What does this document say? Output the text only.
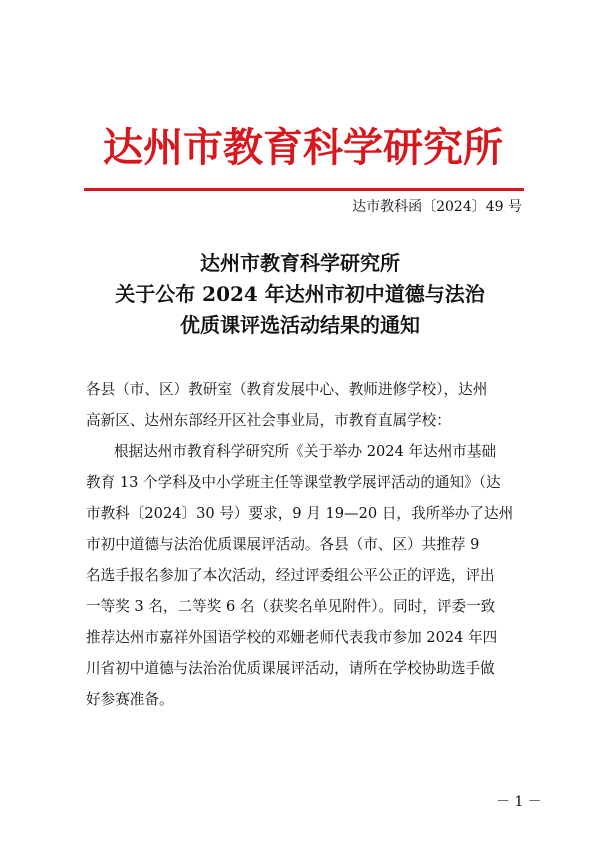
达州市教育科学研究所
达市教科函〔2024〕49 号
达州市教育科学研究所
关于公布 2024 年达州市初中道德与法治
优质课评选活动结果的通知
各县（市、区）教研室（教育发展中心、教师进修学校），达州
高新区、达州东部经开区社会事业局，市教育直属学校：
根据达州市教育科学研究所《关于举办 2024 年达州市基础
教育 13 个学科及中小学班主任等课堂教学展评活动的通知》（达
市教科〔2024〕30 号）要求，9 月 19—20 日，我所举办了达州
市初中道德与法治优质课展评活动。各县（市、区）共推荐 9
名选手报名参加了本次活动，经过评委组公平公正的评选，评出
一等奖 3 名，二等奖 6 名（获奖名单见附件）。同时，评委一致
推荐达州市嘉祥外国语学校的邓姗老师代表我市参加 2024 年四
川省初中道德与法治治优质课展评活动，请所在学校协助选手做
好参赛准备。
－ 1 －
